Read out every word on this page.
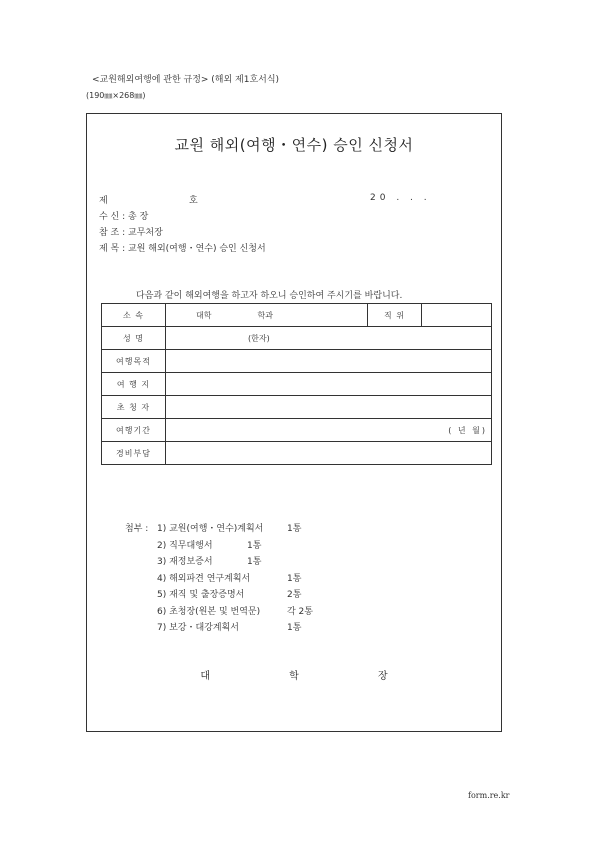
<교원해외여행에 관한 규정> (해외 제1호서식)
(190㎜×268㎜)
교원 해외(여행・연수) 승인 신청서
제	호	20 . . .
수 신 : 총 장
참 조 : 교무처장
제 목 : 교원 해외(여행・연수) 승인 신청서
다음과 같이 해외여행을 하고자 하오니 승인하여 주시기를 바랍니다.
소 속	대학 학과	직 위	
성 명	(한자)		
여행목적			
여 행 지			
초 청 자			
여행기간	( 년 월)		
경비부담			
첨부 : 1) 교원(여행・연수)계획서	1통
2) 직무대행서	1통
3) 재정보증서	1통
4) 해외파견 연구계획서	1통
5) 재직 및 출장증명서	2통
6) 초청장(원본 및 번역문)	각 2통
7) 보강・대강계획서	1통
대 학 장
form.re.kr
